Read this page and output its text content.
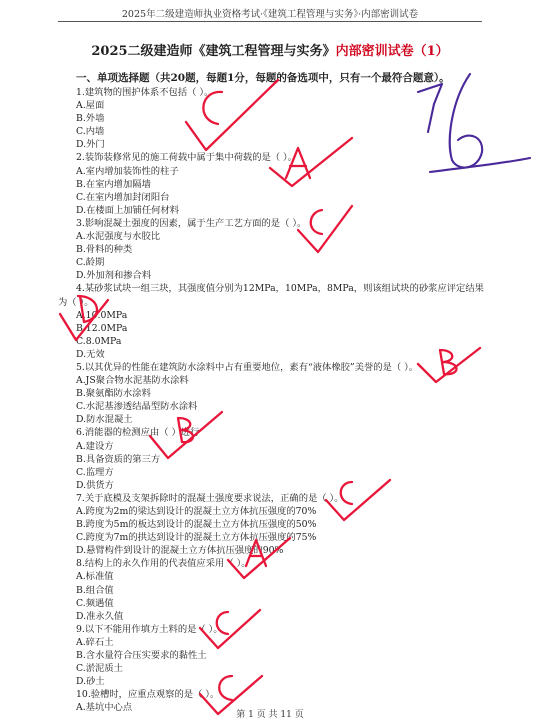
2025年二级建造师执业资格考试·《建筑工程管理与实务》·内部密训试卷
2025二级建造师《建筑工程管理与实务》内部密训试卷（1）
一、单项选择题（共20题，每题1分，每题的备选项中，只有一个最符合题意）。
1.建筑物的围护体系不包括（ ）。
A.屋面
B.外墙
C.内墙
D.外门
2.装饰装修常见的施工荷载中属于集中荷载的是（ ）。
A.室内增加装饰性的柱子
B.在室内增加隔墙
C.在室内增加封闭阳台
D.在楼面上加铺任何材料
3.影响混凝土强度的因素，属于生产工艺方面的是（ ）。
A.水泥强度与水胶比
B.骨料的种类
C.龄期
D.外加剂和掺合料
4.某砂浆试块一组三块，其强度值分别为12MPa，10MPa，8MPa，则该组试块的砂浆应评定结果
为（ ）。
A.10.0MPa
B.12.0MPa
C.8.0MPa
D.无效
5.以其优异的性能在建筑防水涂料中占有重要地位，素有“液体橡胶”美誉的是（ ）。
A.JS聚合物水泥基防水涂料
B.聚氨酯防水涂料
C.水泥基渗透结晶型防水涂料
D.防水混凝土
6.消能器的检测应由（ ）进行
A.建设方
B.具备资质的第三方
C.监理方
D.供货方
7.关于底模及支架拆除时的混凝土强度要求说法，正确的是（ ）。
A.跨度为2m的梁达到设计的混凝土立方体抗压强度的70%
B.跨度为5m的板达到设计的混凝土立方体抗压强度的50%
C.跨度为7m的拱达到设计的混凝土立方体抗压强度的75%
D.悬臂构件到设计的混凝土立方体抗压强度的90%
8.结构上的永久作用的代表值应采用（ ）。
A.标准值
B.组合值
C.频遇值
D.准永久值
9.以下不能用作填方土料的是（ ）。
A.碎石土
B.含水量符合压实要求的黏性土
C.淤泥质土
D.砂土
10.验槽时，应重点观察的是（ ）。
A.基坑中心点
76
第 1 页 共 11 页
